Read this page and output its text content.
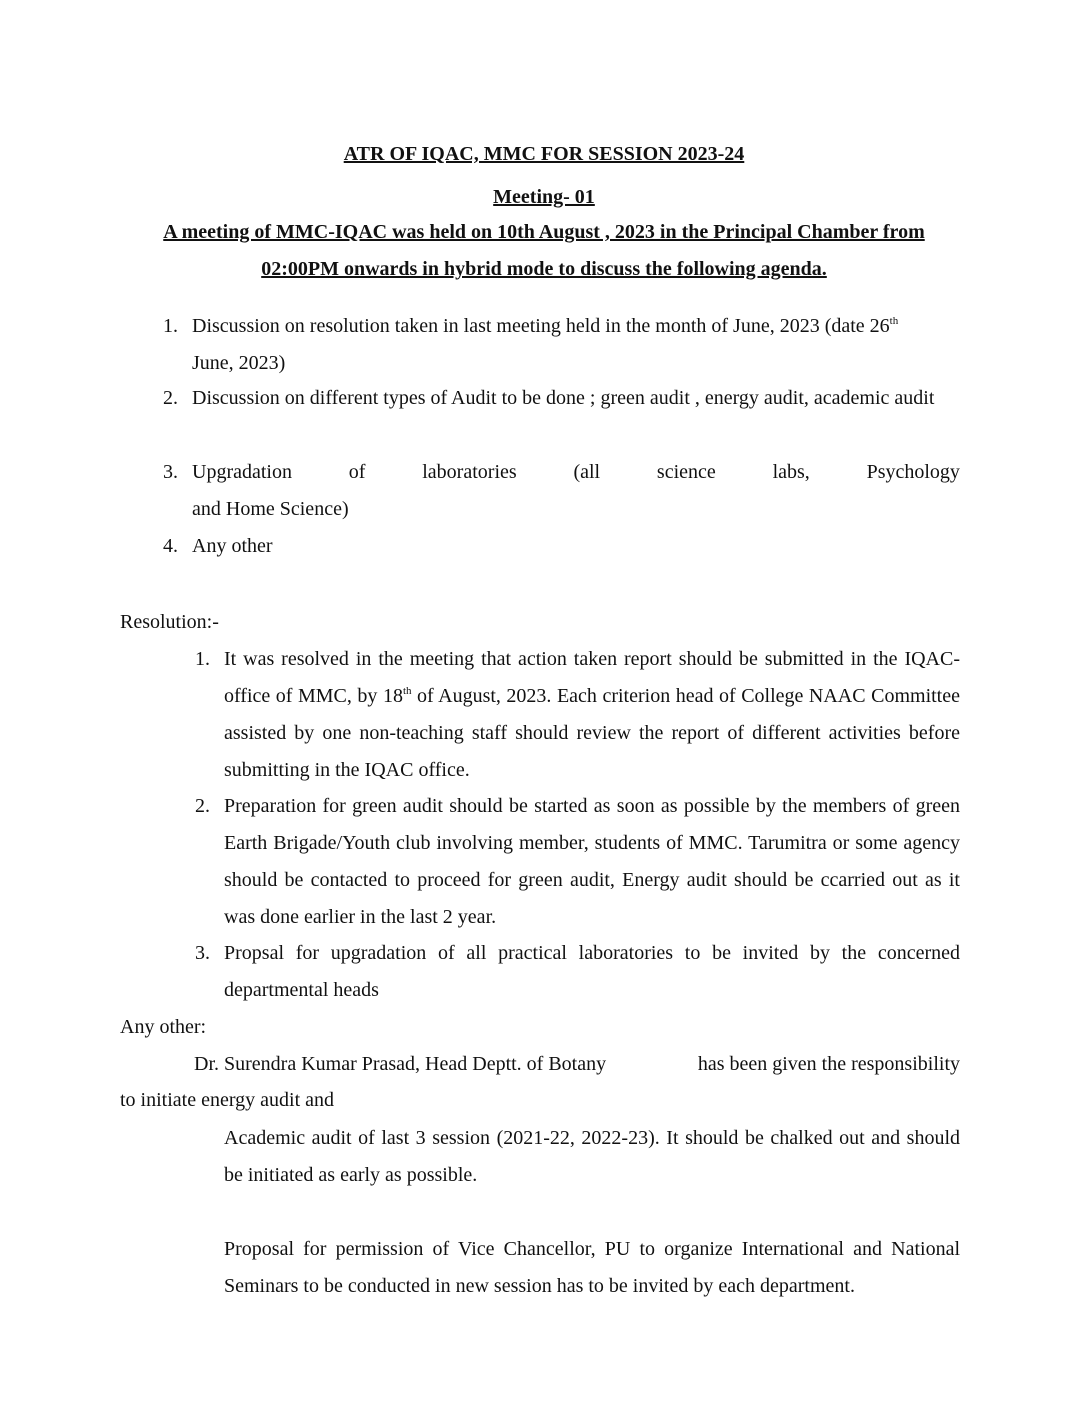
ATR OF IQAC, MMC FOR SESSION 2023-24
Meeting- 01
A meeting of MMC-IQAC was held on 10th August , 2023 in the Principal Chamber from
02:00PM onwards in hybrid mode to discuss the following agenda.
1. Discussion on resolution taken in last meeting held in the month of June, 2023 (date 26th
June, 2023)
2. Discussion on different types of Audit to be done ; green audit , energy audit, academic audit
3. Upgradation	of	laboratories	(all	science	labs,	Psychology
and Home Science)
4. Any other
Resolution:-
1. It was resolved in the meeting that action taken report should be submitted in the IQAC-office of MMC, by 18th of August, 2023. Each criterion head of College NAAC Committee assisted by one non-teaching staff should review the report of different activities before submitting in the IQAC office.
2. Preparation for green audit should be started as soon as possible by the members of green Earth Brigade/Youth club involving member, students of MMC. Tarumitra or some agency should be contacted to proceed for green audit, Energy audit should be ccarried out as it was done earlier in the last 2 year.
3. Propsal for upgradation of all practical laboratories to be invited by the concerned departmental heads
Any other:
Dr. Surendra Kumar Prasad, Head Deptt. of Botany	has been given the responsibility
to initiate energy audit and
Academic audit of last 3 session (2021-22, 2022-23). It should be chalked out and should be initiated as early as possible.
Proposal for permission of Vice Chancellor, PU to organize International and National Seminars to be conducted in new session has to be invited by each department.
